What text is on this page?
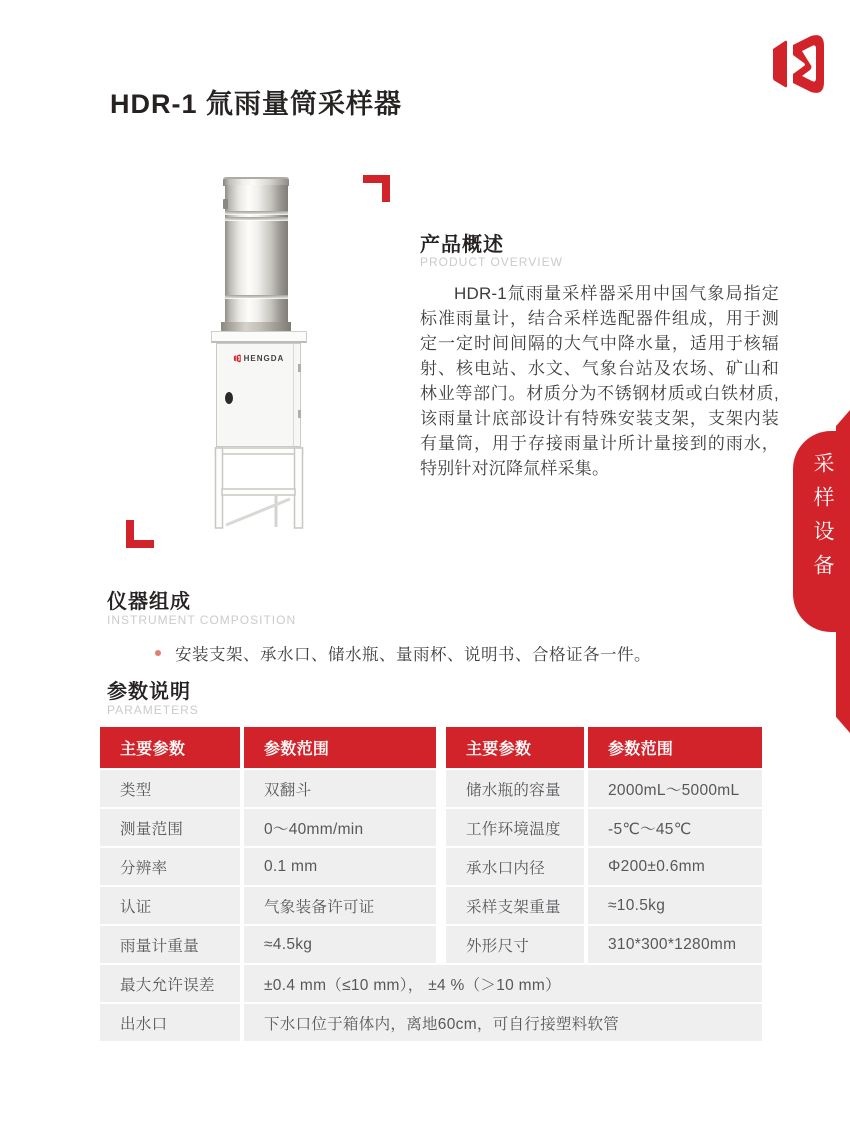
HDR-1 氚雨量筒采样器
HENGDA
产品概述
PRODUCT OVERVIEW
HDR-1氚雨量采样器采用中国气象局指定标准雨量计，结合采样选配器件组成，用于测定一定时间间隔的大气中降水量，适用于核辐射、核电站、水文、气象台站及农场、矿山和林业等部门。材质分为不锈钢材质或白铁材质,该雨量计底部设计有特殊安装支架，支架内装有量筒，用于存接雨量计所计量接到的雨水，特别针对沉降氚样采集。	采样设备
仪器组成
INSTRUMENT COMPOSITION
安装支架、承水口、储水瓶、量雨杯、说明书、合格证各一件。
参数说明
PARAMETERS
主要参数	参数范围	主要参数	参数范围
类型	双翻斗	储水瓶的容量	2000mL～5000mL
测量范围	0～40mm/min	工作环境温度	-5℃～45℃
分辨率	0.1 mm	承水口内径	Φ200±0.6mm
认证	气象装备许可证	采样支架重量	≈10.5kg
雨量计重量	≈4.5kg	外形尺寸	310*300*1280mm
最大允许误差	±0.4 mm（≤10 mm）， ±4 %（＞10 mm）
出水口	下水口位于箱体内，离地60cm，可自行接塑料软管
